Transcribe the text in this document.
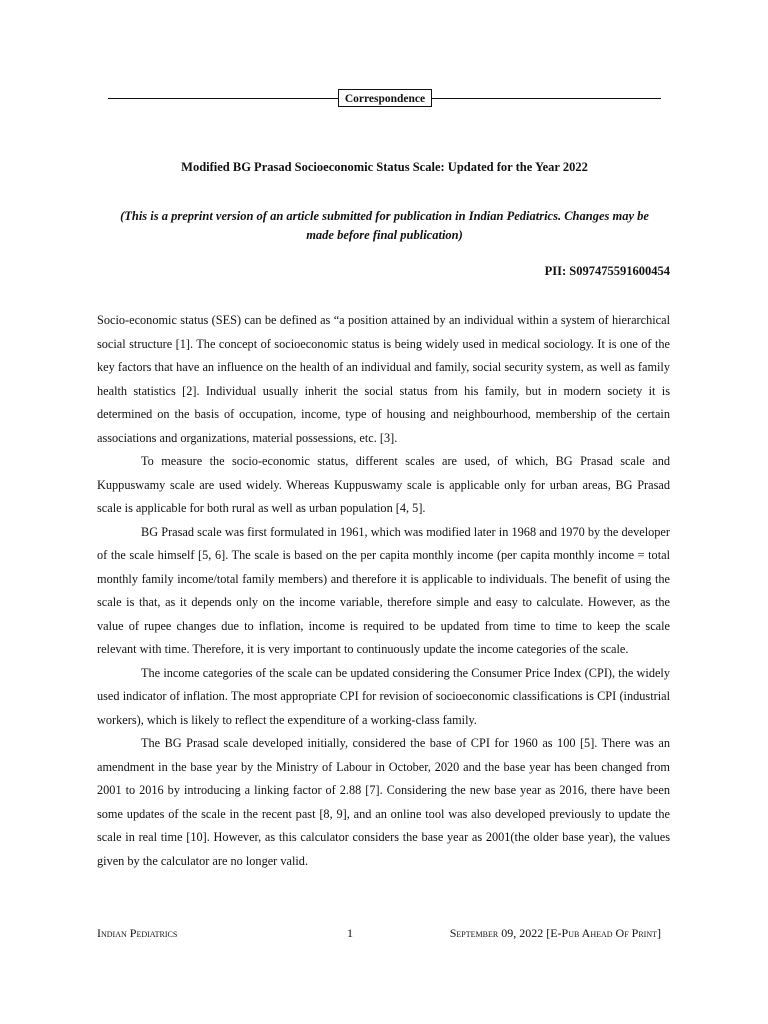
Correspondence
Modified BG Prasad Socioeconomic Status Scale: Updated for the Year 2022
(This is a preprint version of an article submitted for publication in Indian Pediatrics. Changes may be made before final publication)
PII: S097475591600454

Socio-economic status (SES) can be defined as “a position attained by an individual within a system of hierarchical social structure [1]. The concept of socioeconomic status is being widely used in medical sociology. It is one of the key factors that have an influence on the health of an individual and family, social security system, as well as family health statistics [2]. Individual usually inherit the social status from his family, but in modern society it is determined on the basis of occupation, income, type of housing and neighbourhood, membership of the certain associations and organizations, material possessions, etc. [3].

To measure the socio-economic status, different scales are used, of which, BG Prasad scale and Kuppuswamy scale are used widely. Whereas Kuppuswamy scale is applicable only for urban areas, BG Prasad scale is applicable for both rural as well as urban population [4, 5].

BG Prasad scale was first formulated in 1961, which was modified later in 1968 and 1970 by the developer of the scale himself [5, 6]. The scale is based on the per capita monthly income (per capita monthly income = total monthly family income/total family members) and therefore it is applicable to individuals. The benefit of using the scale is that, as it depends only on the income variable, therefore simple and easy to calculate. However, as the value of rupee changes due to inflation, income is required to be updated from time to time to keep the scale relevant with time. Therefore, it is very important to continuously update the income categories of the scale.

The income categories of the scale can be updated considering the Consumer Price Index (CPI), the widely used indicator of inflation. The most appropriate CPI for revision of socioeconomic classifications is CPI (industrial workers), which is likely to reflect the expenditure of a working-class family.

The BG Prasad scale developed initially, considered the base of CPI for 1960 as 100 [5]. There was an amendment in the base year by the Ministry of Labour in October, 2020 and the base year has been changed from 2001 to 2016 by introducing a linking factor of 2.88 [7]. Considering the new base year as 2016, there have been some updates of the scale in the recent past [8, 9], and an online tool was also developed previously to update the scale in real time [10]. However, as this calculator considers the base year as 2001(the older base year), the values given by the calculator are no longer valid.

Indian Pediatrics	1	September 09, 2022 [E-Pub Ahead Of Print]
